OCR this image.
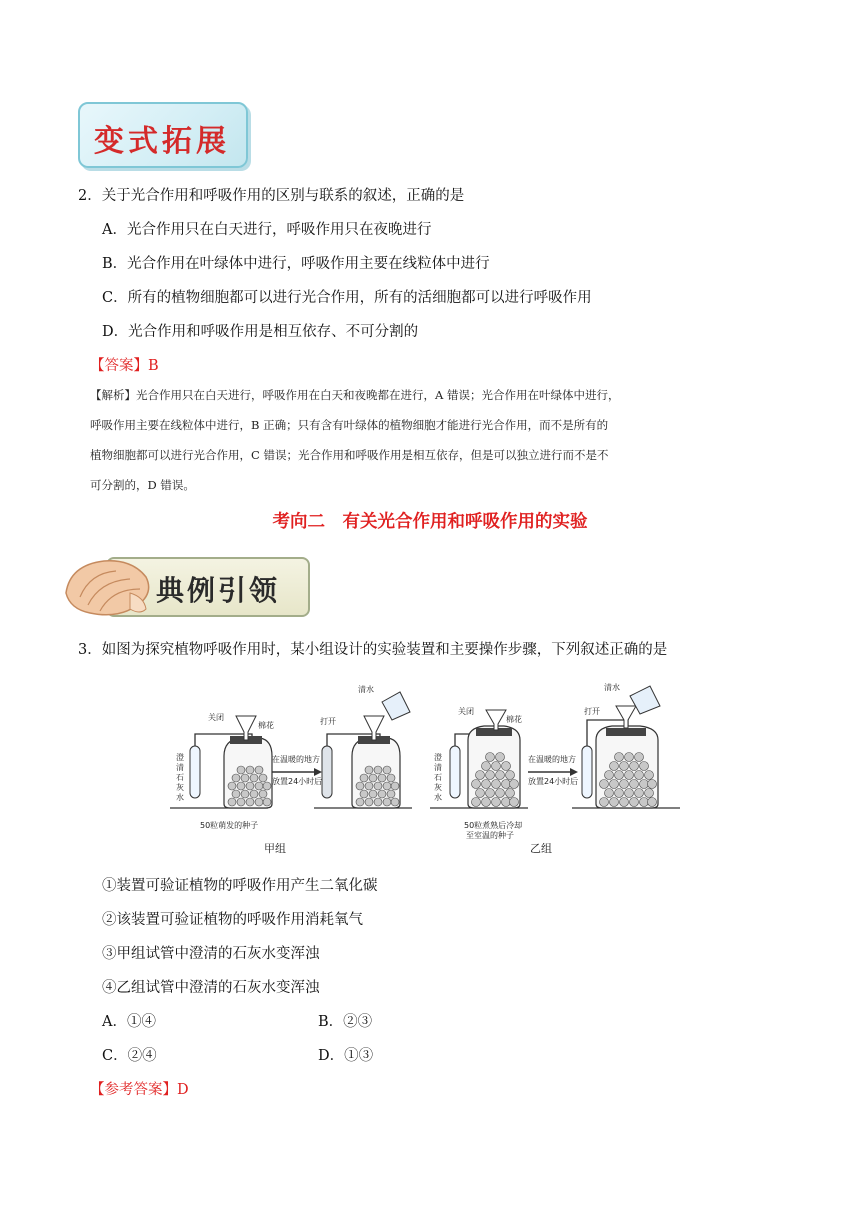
变式拓展
2．关于光合作用和呼吸作用的区别与联系的叙述，正确的是
A．光合作用只在白天进行，呼吸作用只在夜晚进行
B．光合作用在叶绿体中进行，呼吸作用主要在线粒体中进行
C．所有的植物细胞都可以进行光合作用，所有的活细胞都可以进行呼吸作用
D．光合作用和呼吸作用是相互依存、不可分割的
【答案】B
【解析】光合作用只在白天进行，呼吸作用在白天和夜晚都在进行，A 错误；光合作用在叶绿体中进行，
呼吸作用主要在线粒体中进行，B 正确；只有含有叶绿体的植物细胞才能进行光合作用，而不是所有的
植物细胞都可以进行光合作用，C 错误；光合作用和呼吸作用是相互依存，但是可以独立进行而不是不
可分割的，D 错误。
考向二　有关光合作用和呼吸作用的实验
典例引领
3．如图为探究植物呼吸作用时，某小组设计的实验装置和主要操作步骤，下列叙述正确的是
关闭
棉花
澄
清
石
灰
水
50粒萌发的种子
在温暖的地方
放置24小时后
打开
清水
甲组
关闭
棉花
澄
清
石
灰
水
50粒煮熟后冷却
至室温的种子
在温暖的地方
放置24小时后
打开
清水
乙组
①装置可验证植物的呼吸作用产生二氧化碳
②该装置可验证植物的呼吸作用消耗氧气
③甲组试管中澄清的石灰水变浑浊
④乙组试管中澄清的石灰水变浑浊
A．①④	B．②③
C．②④	D．①③
【参考答案】D
